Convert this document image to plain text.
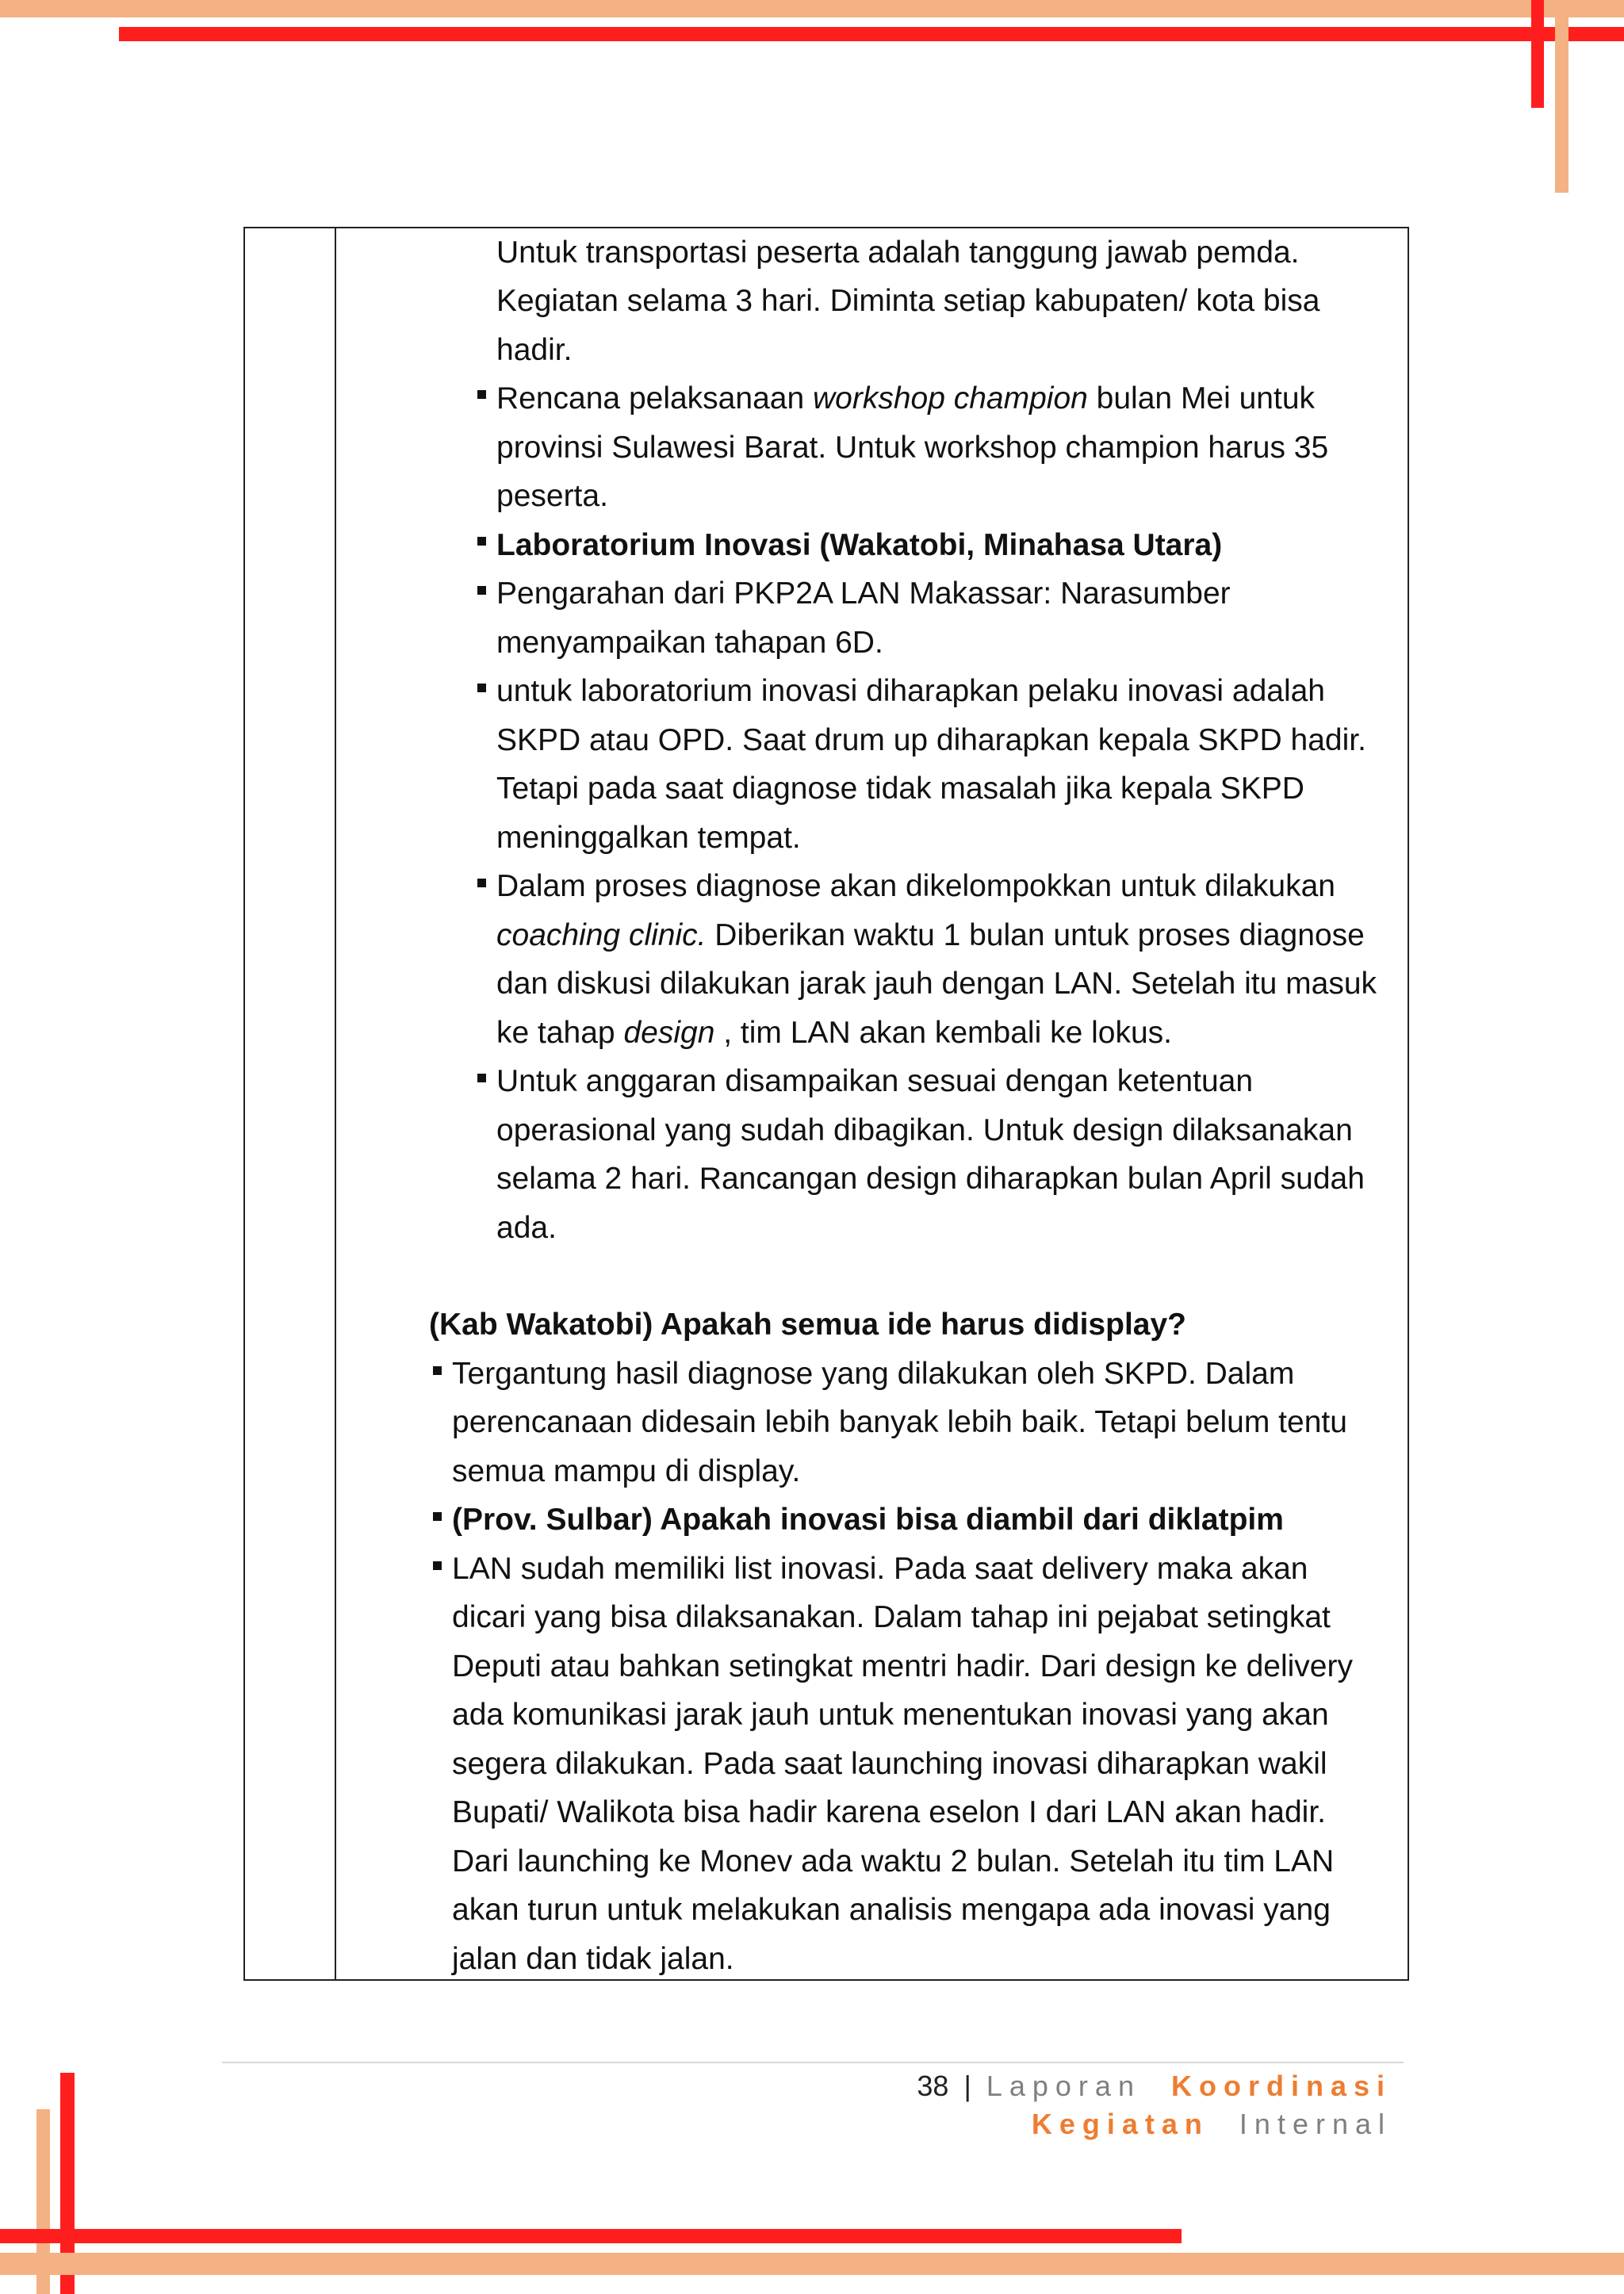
Untuk transportasi peserta adalah tanggung jawab pemda.
Kegiatan selama 3 hari. Diminta setiap kabupaten/ kota bisa
hadir.
Rencana pelaksanaan workshop champion bulan Mei untuk
provinsi Sulawesi Barat. Untuk workshop champion harus 35
peserta.
Laboratorium Inovasi (Wakatobi, Minahasa Utara)
Pengarahan dari PKP2A LAN Makassar: Narasumber
menyampaikan tahapan 6D.
untuk laboratorium inovasi diharapkan pelaku inovasi adalah
SKPD atau OPD. Saat drum up diharapkan kepala SKPD hadir.
Tetapi pada saat diagnose tidak masalah jika kepala SKPD
meninggalkan tempat.
Dalam proses diagnose akan dikelompokkan untuk dilakukan
coaching clinic. Diberikan waktu 1 bulan untuk proses diagnose
dan diskusi dilakukan jarak jauh dengan LAN. Setelah itu masuk
ke tahap design , tim LAN akan kembali ke lokus.
Untuk anggaran disampaikan sesuai dengan ketentuan
operasional yang sudah dibagikan. Untuk design dilaksanakan
selama 2 hari. Rancangan design diharapkan bulan April sudah
ada.
(Kab Wakatobi) Apakah semua ide harus didisplay?
Tergantung hasil diagnose yang dilakukan oleh SKPD. Dalam
perencanaan didesain lebih banyak lebih baik. Tetapi belum tentu
semua mampu di display.
(Prov. Sulbar) Apakah inovasi bisa diambil dari diklatpim
LAN sudah memiliki list inovasi. Pada saat delivery maka akan
dicari yang bisa dilaksanakan. Dalam tahap ini pejabat setingkat
Deputi atau bahkan setingkat mentri hadir. Dari design ke delivery
ada komunikasi jarak jauh untuk menentukan inovasi yang akan
segera dilakukan. Pada saat launching inovasi diharapkan wakil
Bupati/ Walikota bisa hadir karena eselon I dari LAN akan hadir.
Dari launching ke Monev ada waktu 2 bulan. Setelah itu tim LAN
akan turun untuk melakukan analisis mengapa ada inovasi yang
jalan dan tidak jalan.
38 | Laporan Koordinasi
Kegiatan Internal
